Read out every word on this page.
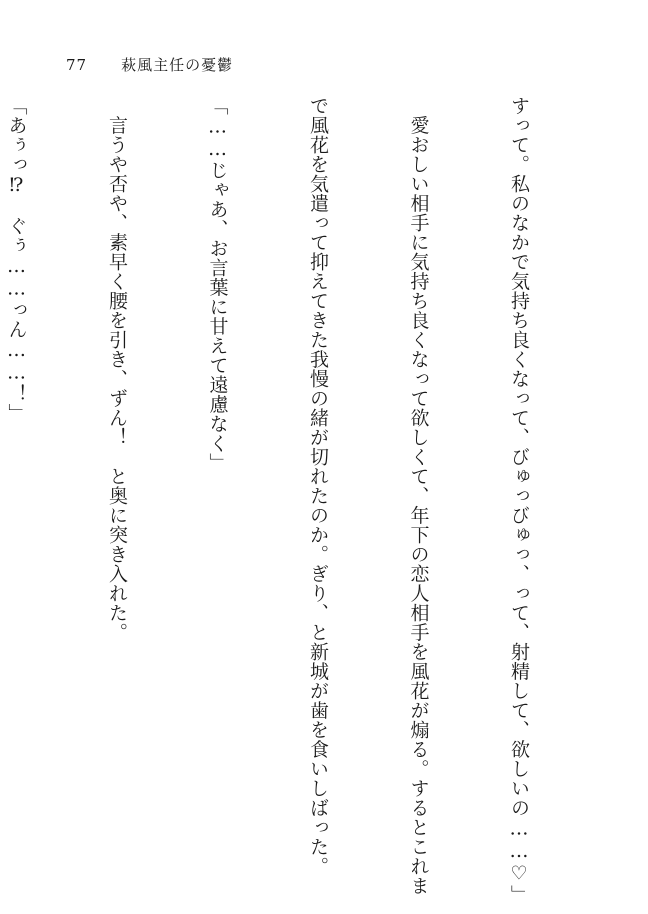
77 萩風主任の憂鬱

すって。私のなかで気持ち良くなって、びゅっびゅっ、って、射精して、欲しいの……♡」

　愛おしい相手に気持ち良くなって欲しくて、年下の恋人相手を風花が煽る。するとこれま

で風花を気遣って抑えてきた我慢の緒が切れたのか。ぎり、と新城が歯を食いしばった。

「……じゃあ、お言葉に甘えて遠慮なく」

　言うや否や、素早く腰を引き、ずん！　と奥に突き入れた。

「あぅっ⁉　ぐぅ……っん……！」
